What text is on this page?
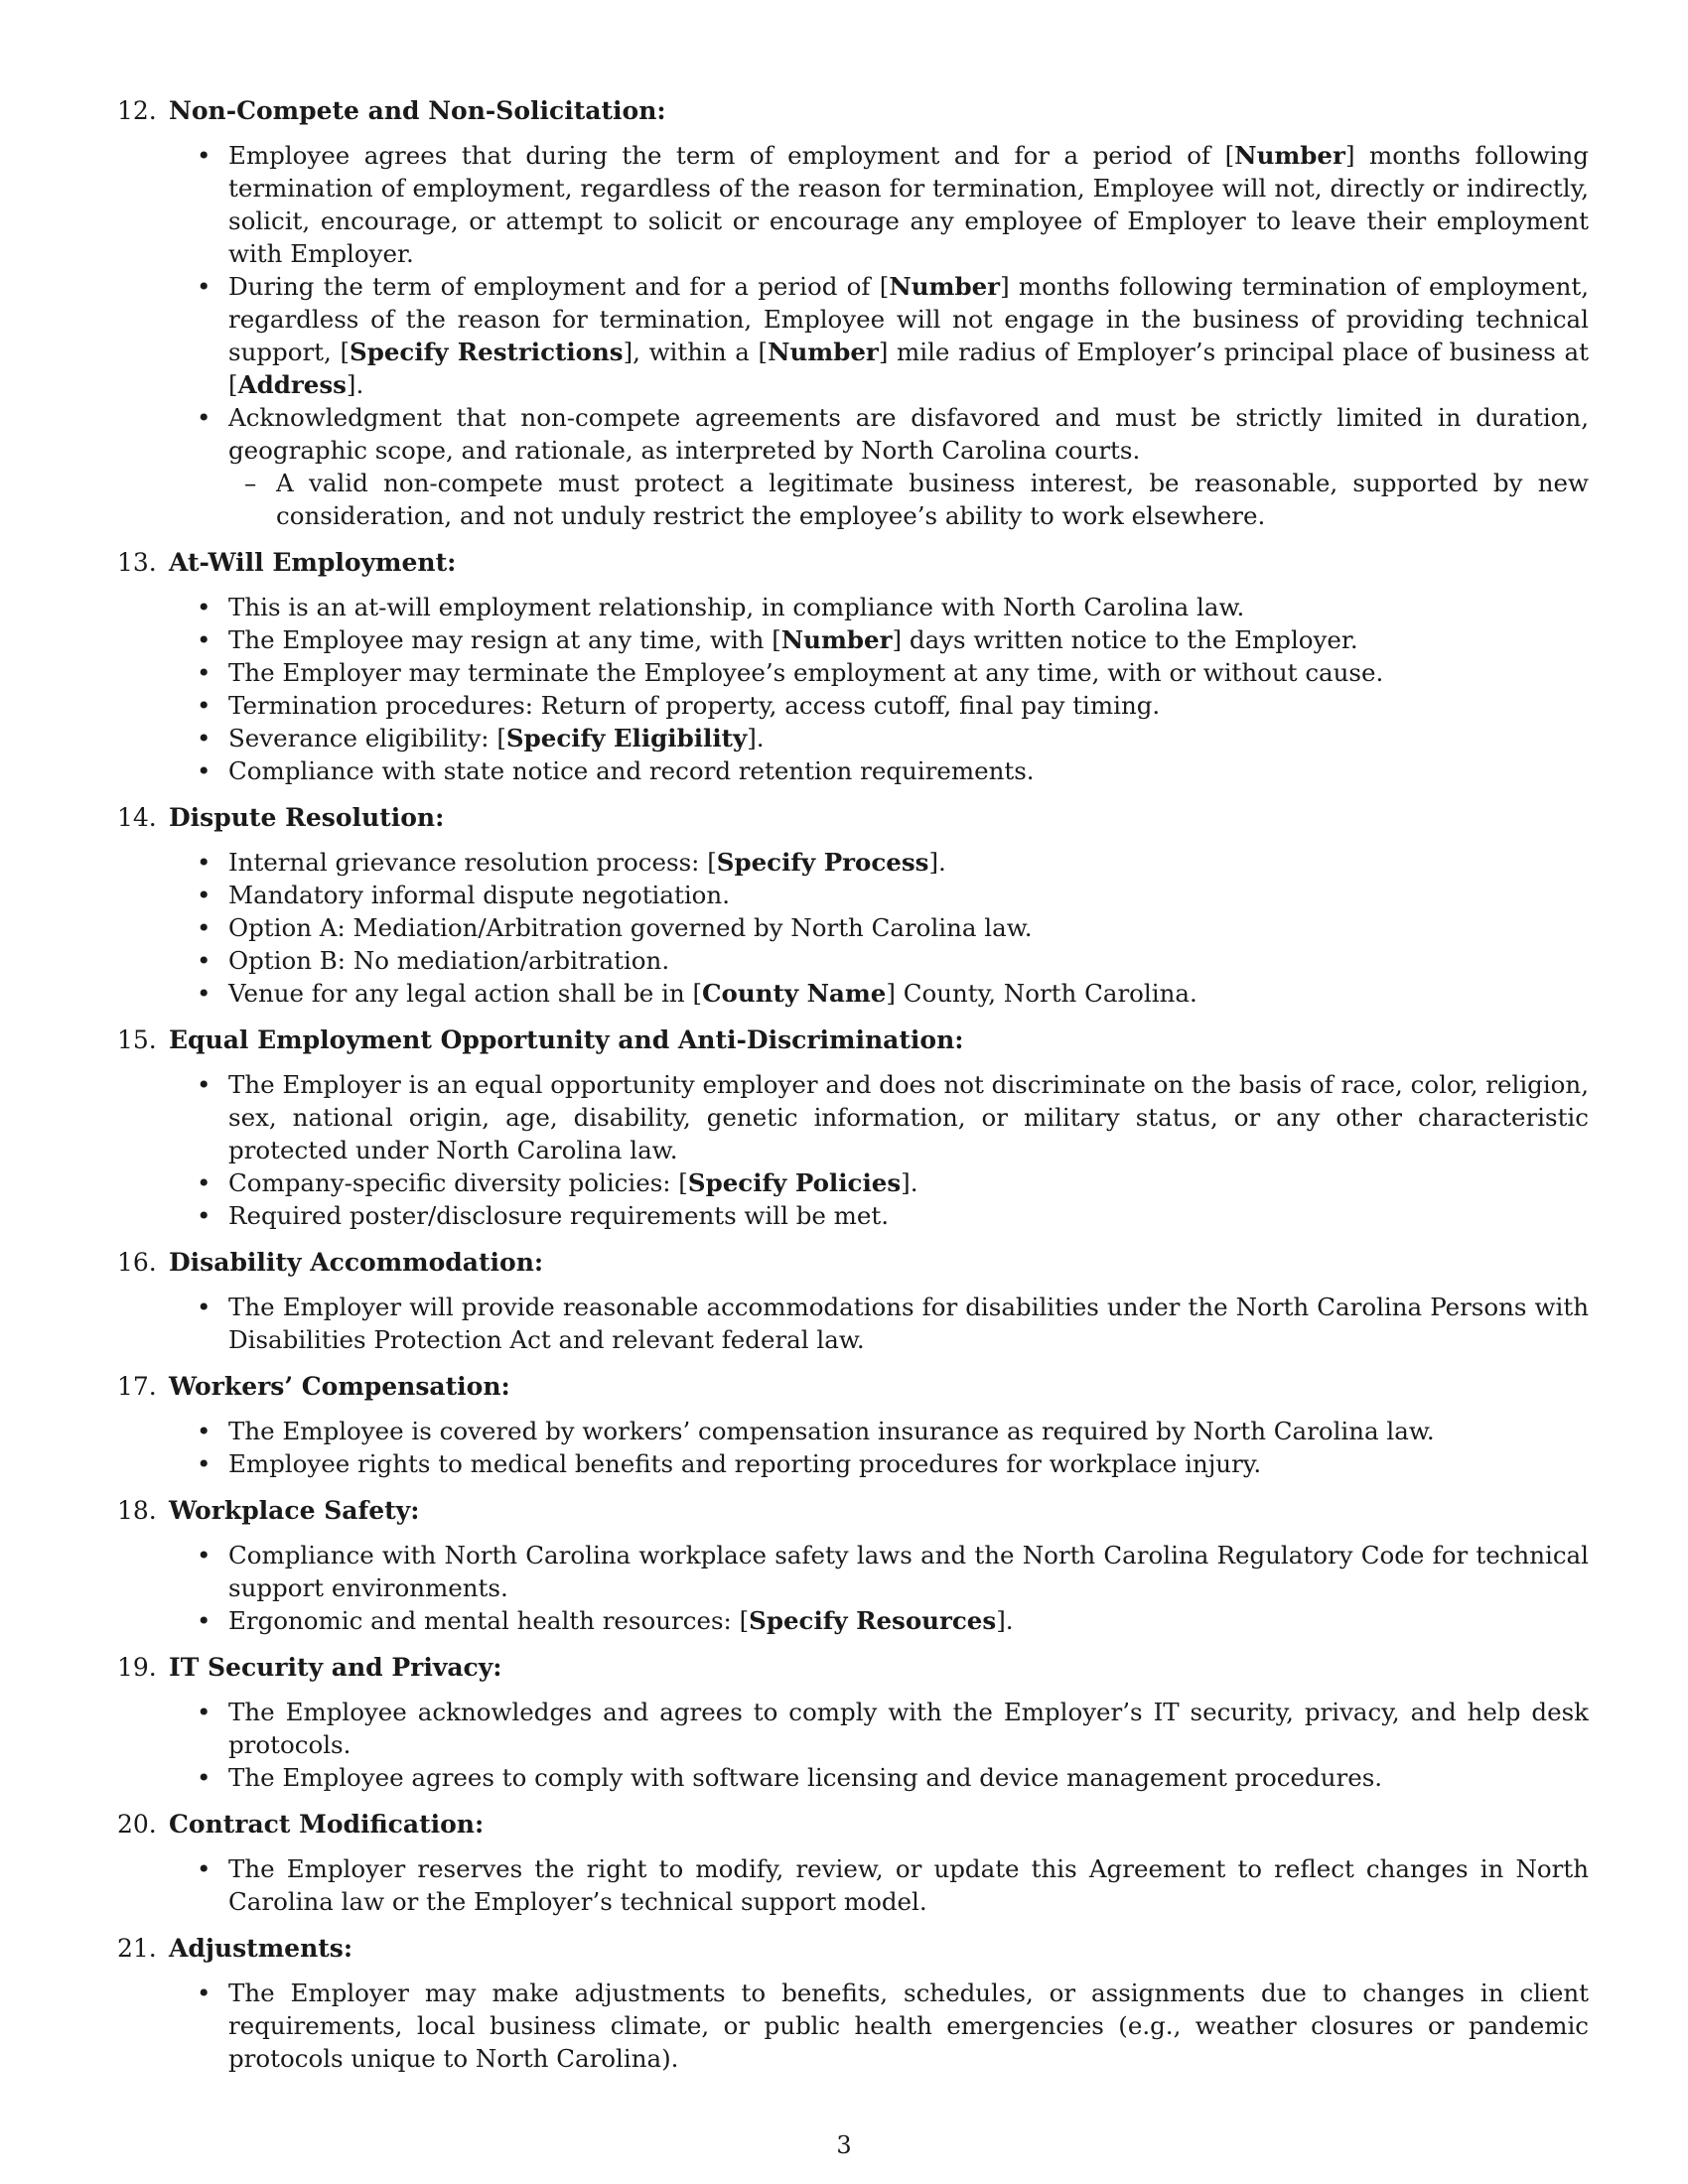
12. Non-Compete and Non-Solicitation:
• Employee agrees that during the term of employment and for a period of [Number] months following termination of employment, regardless of the reason for termination, Employee will not, directly or indirectly, solicit, encourage, or attempt to solicit or encourage any employee of Employer to leave their employment with Employer.
• During the term of employment and for a period of [Number] months following termination of employment, regardless of the reason for termination, Employee will not engage in the business of providing technical support, [Specify Restrictions], within a [Number] mile radius of Employer’s principal place of business at [Address].
• Acknowledgment that non-compete agreements are disfavored and must be strictly limited in duration, geographic scope, and rationale, as interpreted by North Carolina courts.
– A valid non-compete must protect a legitimate business interest, be reasonable, supported by new consideration, and not unduly restrict the employee’s ability to work elsewhere.
13. At-Will Employment:
• This is an at-will employment relationship, in compliance with North Carolina law.
• The Employee may resign at any time, with [Number] days written notice to the Employer.
• The Employer may terminate the Employee’s employment at any time, with or without cause.
• Termination procedures: Return of property, access cutoff, final pay timing.
• Severance eligibility: [Specify Eligibility].
• Compliance with state notice and record retention requirements.
14. Dispute Resolution:
• Internal grievance resolution process: [Specify Process].
• Mandatory informal dispute negotiation.
• Option A: Mediation/Arbitration governed by North Carolina law.
• Option B: No mediation/arbitration.
• Venue for any legal action shall be in [County Name] County, North Carolina.
15. Equal Employment Opportunity and Anti-Discrimination:
• The Employer is an equal opportunity employer and does not discriminate on the basis of race, color, religion, sex, national origin, age, disability, genetic information, or military status, or any other characteristic protected under North Carolina law.
• Company-specific diversity policies: [Specify Policies].
• Required poster/disclosure requirements will be met.
16. Disability Accommodation:
• The Employer will provide reasonable accommodations for disabilities under the North Carolina Persons with Disabilities Protection Act and relevant federal law.
17. Workers’ Compensation:
• The Employee is covered by workers’ compensation insurance as required by North Carolina law.
• Employee rights to medical benefits and reporting procedures for workplace injury.
18. Workplace Safety:
• Compliance with North Carolina workplace safety laws and the North Carolina Regulatory Code for technical support environments.
• Ergonomic and mental health resources: [Specify Resources].
19. IT Security and Privacy:
• The Employee acknowledges and agrees to comply with the Employer’s IT security, privacy, and help desk protocols.
• The Employee agrees to comply with software licensing and device management procedures.
20. Contract Modification:
• The Employer reserves the right to modify, review, or update this Agreement to reflect changes in North Carolina law or the Employer’s technical support model.
21. Adjustments:
• The Employer may make adjustments to benefits, schedules, or assignments due to changes in client requirements, local business climate, or public health emergencies (e.g., weather closures or pandemic protocols unique to North Carolina).
3
